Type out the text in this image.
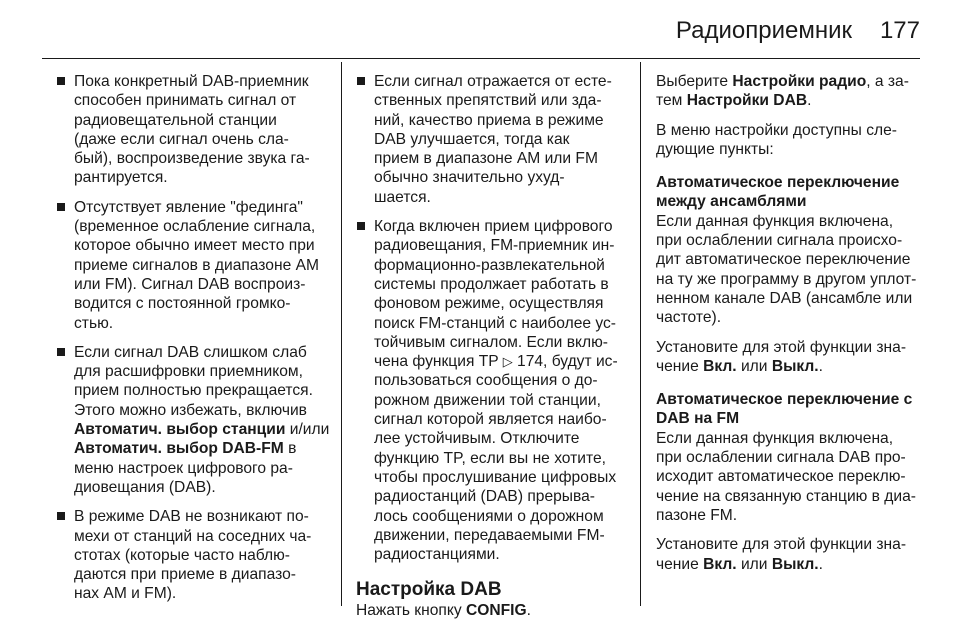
Радиоприемник 177
Пока конкретный DAB-приемник
способен принимать сигнал от
радиовещательной станции
(даже если сигнал очень сла-
бый), воспроизведение звука га-
рантируется.
Отсутствует явление "фединга"
(временное ослабление сигнала,
которое обычно имеет место при
приеме сигналов в диапазоне AM
или FM). Сигнал DAB воспроиз-
водится с постоянной громко-
стью.
Если сигнал DAB слишком слаб
для расшифровки приемником,
прием полностью прекращается.
Этого можно избежать, включив
Автоматич. выбор станции и/или
Автоматич. выбор DAB-FM в
меню настроек цифрового ра-
диовещания (DAB).
В режиме DAB не возникают по-
мехи от станций на соседних ча-
стотах (которые часто наблю-
даются при приеме в диапазо-
нах AM и FM).
Если сигнал отражается от есте-
ственных препятствий или зда-
ний, качество приема в режиме
DAB улучшается, тогда как
прием в диапазоне AM или FM
обычно значительно ухуд-
шается.
Когда включен прием цифрового
радиовещания, FM-приемник ин-
формационно-развлекательной
системы продолжает работать в
фоновом режиме, осуществляя
поиск FM-станций с наиболее ус-
тойчивым сигналом. Если вклю-
чена функция TP ▷ 174, будут ис-
пользоваться сообщения о до-
рожном движении той станции,
сигнал которой является наибо-
лее устойчивым. Отключите
функцию TP, если вы не хотите,
чтобы прослушивание цифровых
радиостанций (DAB) прерыва-
лось сообщениями о дорожном
движении, передаваемыми FM-
радиостанциями.
Настройка DAB
Нажать кнопку CONFIG.
Выберите Настройки радио, а за-
тем Настройки DAB.
В меню настройки доступны сле-
дующие пункты:
Автоматическое переключение
между ансамблями
Если данная функция включена,
при ослаблении сигнала происхо-
дит автоматическое переключение
на ту же программу в другом уплот-
ненном канале DAB (ансамбле или
частоте).
Установите для этой функции зна-
чение Вкл. или Выкл..
Автоматическое переключение с
DAB на FM
Если данная функция включена,
при ослаблении сигнала DAB про-
исходит автоматическое переклю-
чение на связанную станцию в диа-
пазоне FM.
Установите для этой функции зна-
чение Вкл. или Выкл..
